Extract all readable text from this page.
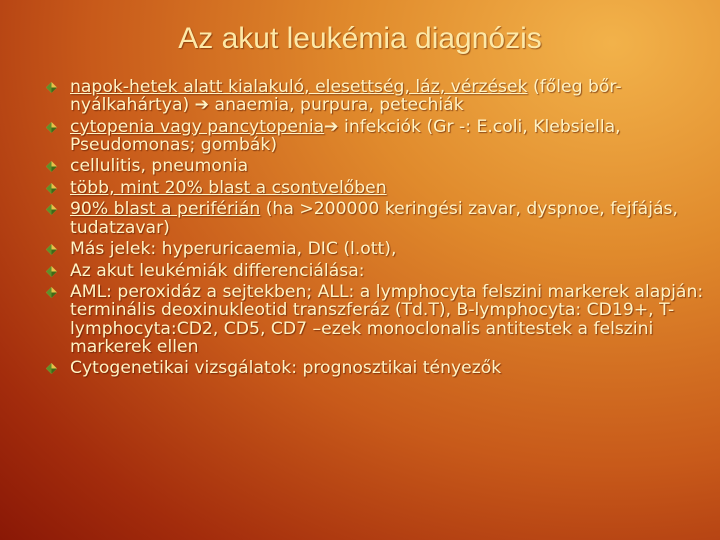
Az akut leukémia diagnózis
napok-hetek alatt kialakuló, elesettség, láz, vérzések (főleg bőr-nyálkahártya) ➔ anaemia, purpura, petechiák
cytopenia vagy pancytopenia➔ infekciók (Gr -: E.coli, Klebsiella, Pseudomonas; gombák)
cellulitis, pneumonia
több, mint 20% blast a csontvelőben
90% blast a periférián (ha >200000 keringési zavar, dyspnoe, fejfájás, tudatzavar)
Más jelek: hyperuricaemia, DIC (l.ott),
Az akut leukémiák differenciálása:
AML: peroxidáz a sejtekben; ALL: a lymphocyta felszini markerek alapján: terminális deoxinukleotid transzferáz (Td.T), B-lymphocyta: CD19+, T-lymphocyta:CD2, CD5, CD7 –ezek monoclonalis antitestek a felszini markerek ellen
Cytogenetikai vizsgálatok: prognosztikai tényezők
